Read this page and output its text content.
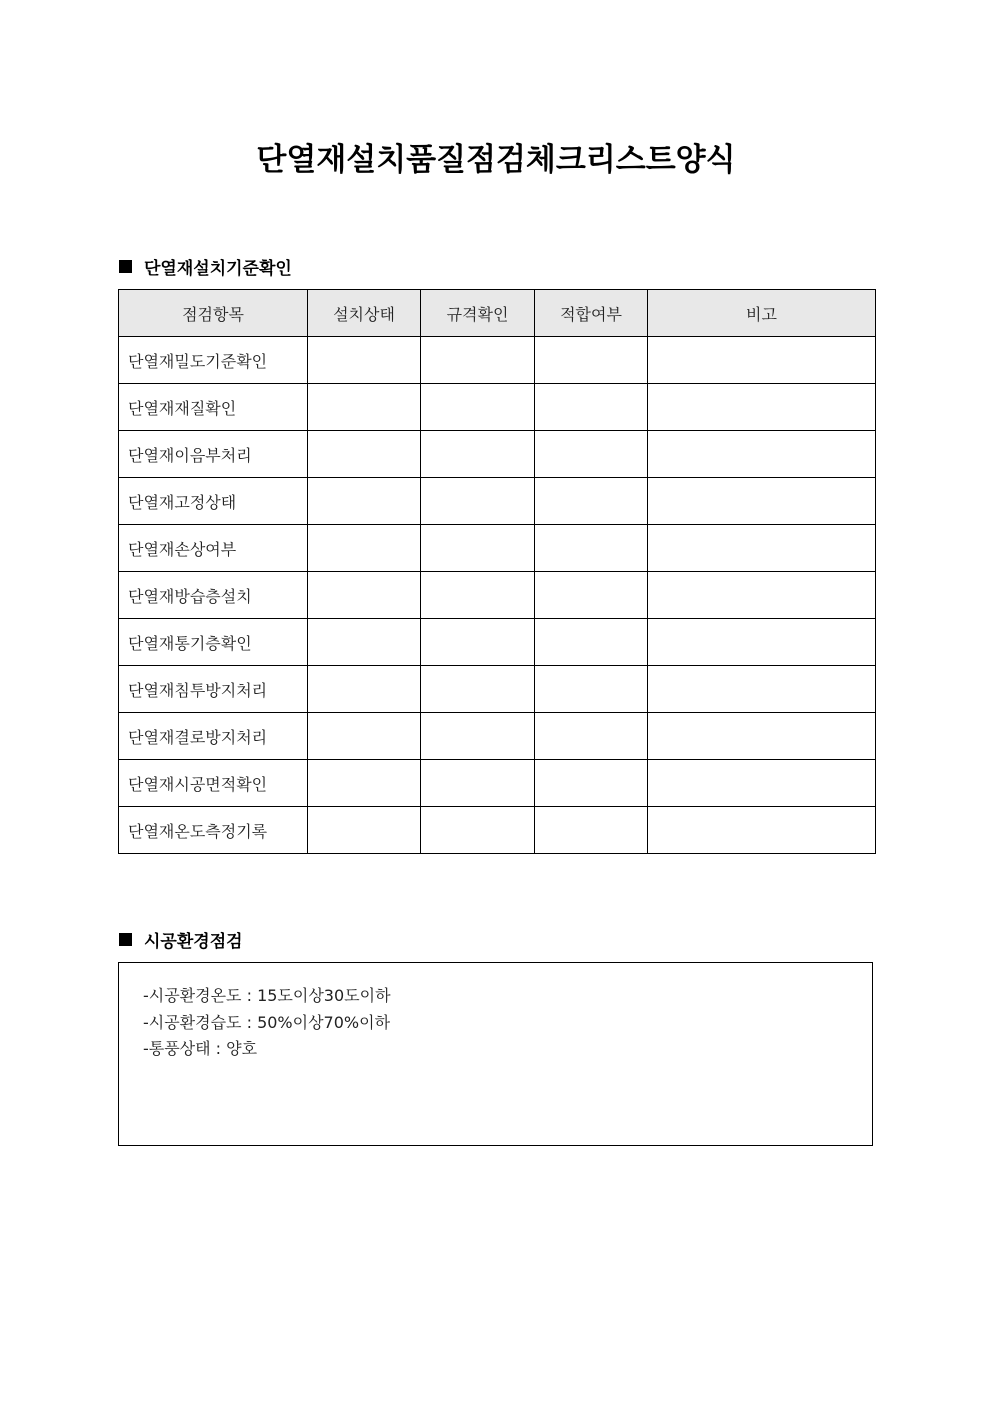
단열재설치품질점검체크리스트양식
단열재설치기준확인
점검항목	설치상태	규격확인	적합여부	비고
단열재밀도기준확인				
단열재재질확인				
단열재이음부처리				
단열재고정상태				
단열재손상여부				
단열재방습층설치				
단열재통기층확인				
단열재침투방지처리				
단열재결로방지처리				
단열재시공면적확인				
단열재온도측정기록				
시공환경점검
-시공환경온도 : 15도이상30도이하
-시공환경습도 : 50%이상70%이하
-통풍상태 : 양호
